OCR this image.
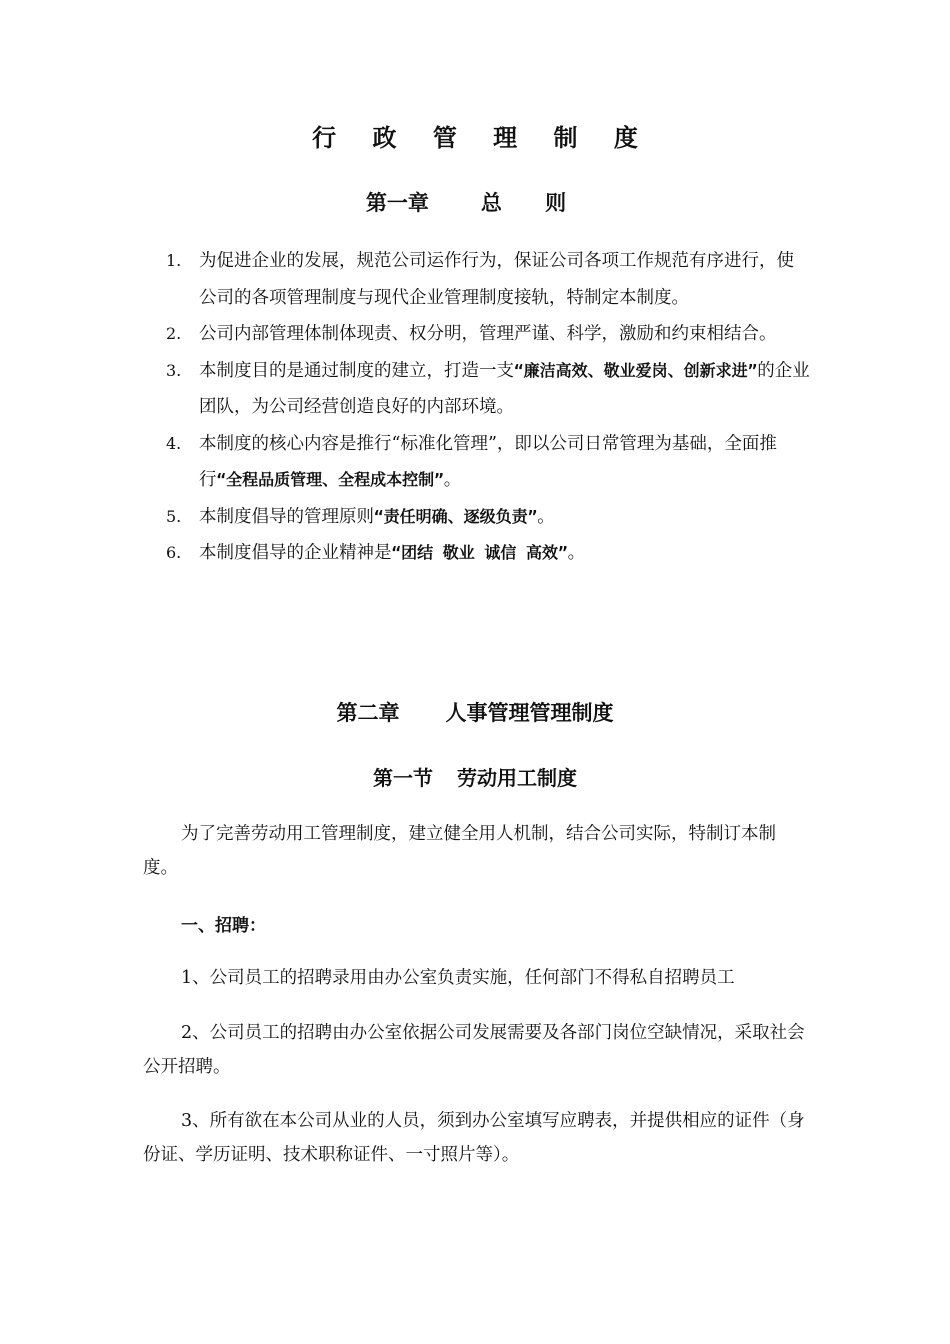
行 政 管 理 制 度
第一章 总 则
1. 为促进企业的发展，规范公司运作行为，保证公司各项工作规范有序进行，使公司的各项管理制度与现代企业管理制度接轨，特制定本制度。
2. 公司内部管理体制体现责、权分明，管理严谨、科学，激励和约束相结合。
3. 本制度目的是通过制度的建立，打造一支“廉洁高效、敬业爱岗、创新求进”的企业团队，为公司经营创造良好的内部环境。
4. 本制度的核心内容是推行“标准化管理”，即以公司日常管理为基础，全面推行“全程品质管理、全程成本控制”。
5. 本制度倡导的管理原则“责任明确、逐级负责”。
6. 本制度倡导的企业精神是“团结 敬业 诚信 高效”。
第二章 人事管理管理制度
第一节 劳动用工制度

为了完善劳动用工管理制度，建立健全用人机制，结合公司实际，特制订本制度。

一、招聘：

1、公司员工的招聘录用由办公室负责实施，任何部门不得私自招聘员工

2、公司员工的招聘由办公室依据公司发展需要及各部门岗位空缺情况，采取社会公开招聘。

3、所有欲在本公司从业的人员，须到办公室填写应聘表，并提供相应的证件（身份证、学历证明、技术职称证件、一寸照片等）。
